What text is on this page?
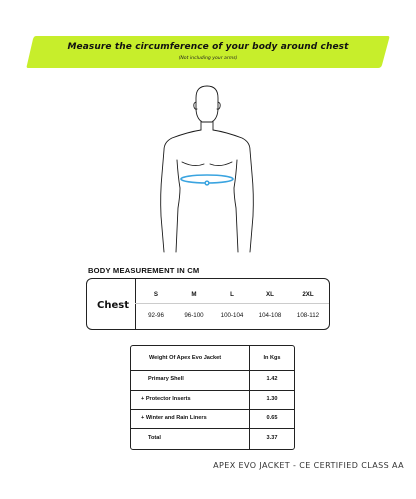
Measure the circumference of your body around chest
(Not including your arms)
BODY MEASUREMENT IN CM
Chest
S	M	L	XL	2XL
92-96	96-100	100-104	104-108	108-112
Weight Of Apex Evo Jacket	In Kgs
Primary Shell	1.42
+ Protector Inserts	1.30
+ Winter and Rain Liners	0.65
Total	3.37
APEX EVO JACKET - CE CERTIFIED CLASS AA
